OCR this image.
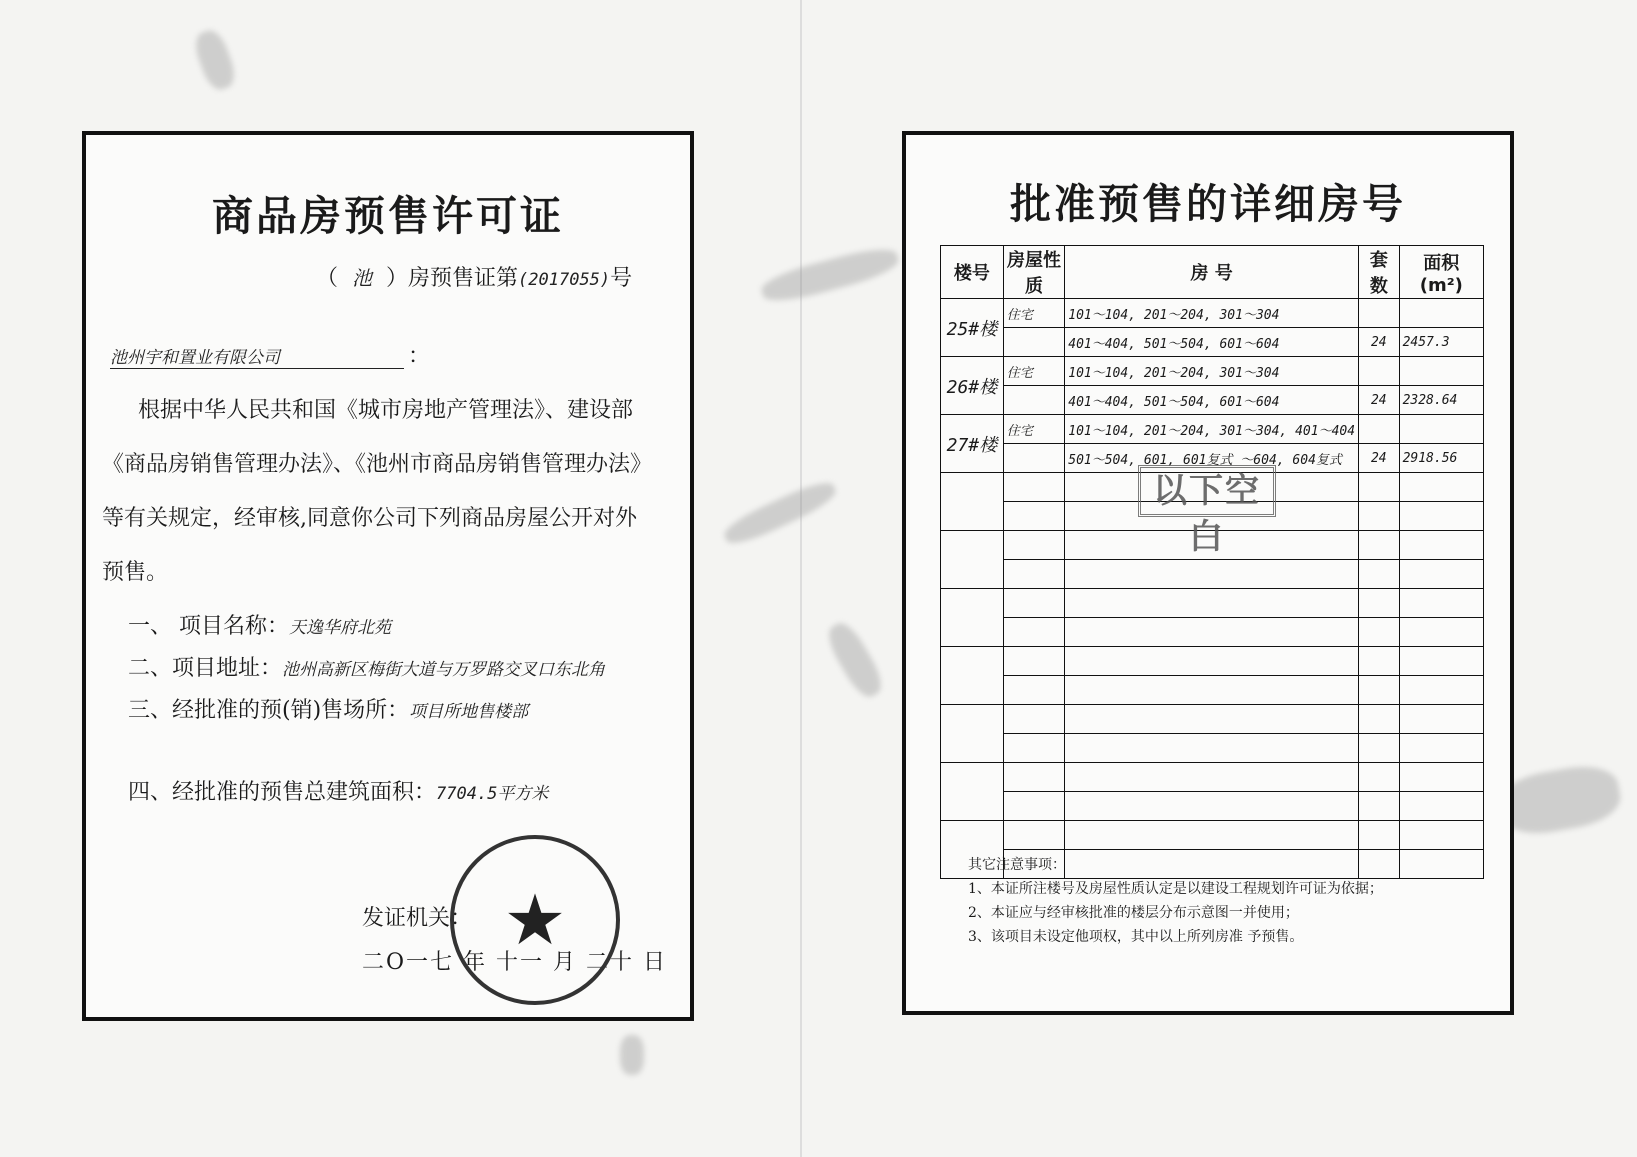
商品房预售许可证
（ 池 ）房预售证第(2017055)号
池州宇和置业有限公司	：
根据中华人民共和国《城市房地产管理法》、建设部
《商品房销售管理办法》、《池州市商品房销售管理办法》
等有关规定，经审核,同意你公司下列商品房屋公开对外
预售。
一、 项目名称：天逸华府北苑
二、项目地址：池州高新区梅街大道与万罗路交叉口东北角
三、经批准的预(销)售场所：项目所地售楼部
四、经批准的预售总建筑面积：7704.5平方米
发证机关：
二O一七 年 十一 月 二十 日
★
批准预售的详细房号
楼号	房屋性质	房 号	套数	面积(m²)
25#楼	住宅	101～104, 201～204, 301～304		
		401～404, 501～504, 601～604	24	2457.3
26#楼	住宅	101～104, 201～204, 301～304		
		401～404, 501～504, 601～604	24	2328.64
27#楼	住宅	101～104, 201～204, 301～304, 401～404		
		501～504, 601, 601复式 ～604, 604复式	24	2918.56

以下空白
其它注意事项：
1、本证所注楼号及房屋性质认定是以建设工程规划许可证为依据；
2、本证应与经审核批准的楼层分布示意图一并使用；
3、该项目未设定他项权，其中以上所列房准 予预售。
